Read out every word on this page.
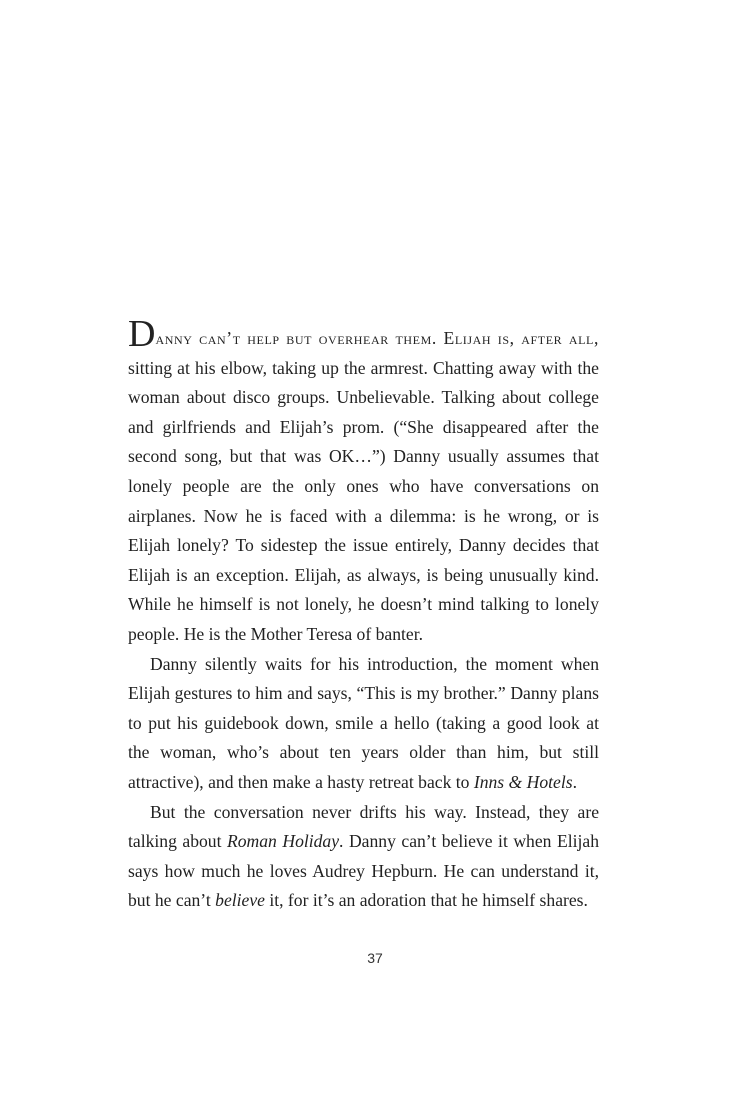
Danny can’t help but overhear them. Elijah is, after all, sitting at his elbow, taking up the armrest. Chatting away with the woman about disco groups. Unbelievable. Talking about college and girlfriends and Elijah’s prom. (“She disappeared after the second song, but that was OK…”) Danny usually assumes that lonely people are the only ones who have conversations on airplanes. Now he is faced with a dilemma: is he wrong, or is Elijah lonely? To sidestep the issue entirely, Danny decides that Elijah is an exception. Elijah, as always, is being unusually kind. While he himself is not lonely, he doesn’t mind talking to lonely people. He is the Mother Teresa of banter.

Danny silently waits for his introduction, the moment when Elijah gestures to him and says, “This is my brother.” Danny plans to put his guidebook down, smile a hello (taking a good look at the woman, who’s about ten years older than him, but still attractive), and then make a hasty retreat back to Inns & Hotels.

But the conversation never drifts his way. Instead, they are talking about Roman Holiday. Danny can’t believe it when Elijah says how much he loves Audrey Hepburn. He can understand it, but he can’t believe it, for it’s an adoration that he himself shares.

37
